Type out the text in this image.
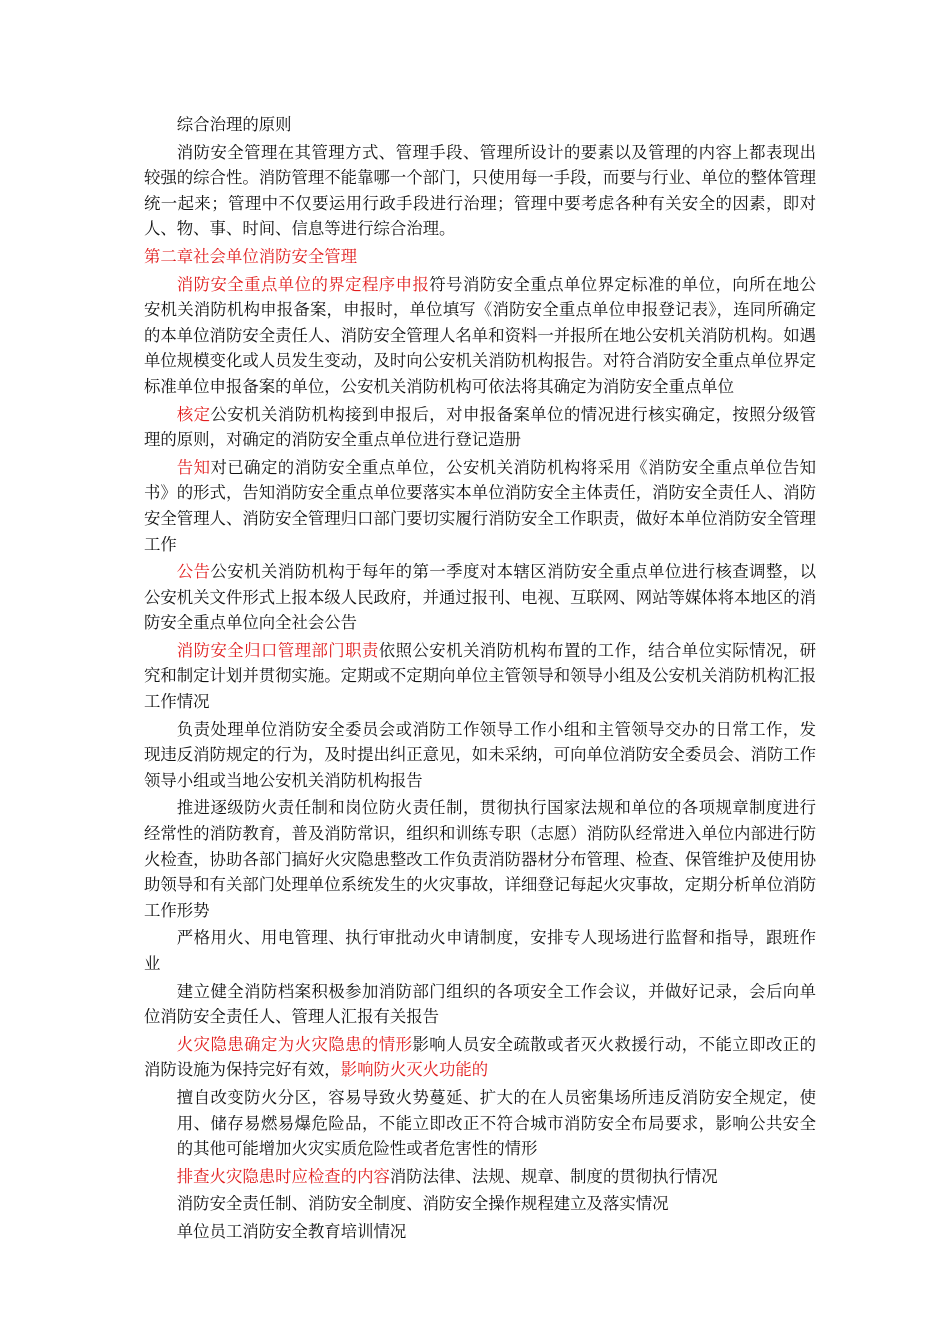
综合治理的原则

消防安全管理在其管理方式、管理手段、管理所设计的要素以及管理的内容上都表现出较强的综合性。消防管理不能靠哪一个部门，只使用每一手段，而要与行业、单位的整体管理统一起来；管理中不仅要运用行政手段进行治理；管理中要考虑各种有关安全的因素，即对人、物、事、时间、信息等进行综合治理。

第二章社会单位消防安全管理

消防安全重点单位的界定程序申报符号消防安全重点单位界定标准的单位，向所在地公安机关消防机构申报备案，申报时，单位填写《消防安全重点单位申报登记表》，连同所确定的本单位消防安全责任人、消防安全管理人名单和资料一并报所在地公安机关消防机构。如遇单位规模变化或人员发生变动，及时向公安机关消防机构报告。对符合消防安全重点单位界定标准单位申报备案的单位，公安机关消防机构可依法将其确定为消防安全重点单位

核定公安机关消防机构接到申报后，对申报备案单位的情况进行核实确定，按照分级管理的原则，对确定的消防安全重点单位进行登记造册

告知对已确定的消防安全重点单位，公安机关消防机构将采用《消防安全重点单位告知书》的形式，告知消防安全重点单位要落实本单位消防安全主体责任，消防安全责任人、消防安全管理人、消防安全管理归口部门要切实履行消防安全工作职责，做好本单位消防安全管理工作

公告公安机关消防机构于每年的第一季度对本辖区消防安全重点单位进行核查调整，以公安机关文件形式上报本级人民政府，并通过报刊、电视、互联网、网站等媒体将本地区的消防安全重点单位向全社会公告

消防安全归口管理部门职责依照公安机关消防机构布置的工作，结合单位实际情况，研究和制定计划并贯彻实施。定期或不定期向单位主管领导和领导小组及公安机关消防机构汇报工作情况

负责处理单位消防安全委员会或消防工作领导工作小组和主管领导交办的日常工作，发现违反消防规定的行为，及时提出纠正意见，如未采纳，可向单位消防安全委员会、消防工作领导小组或当地公安机关消防机构报告

推进逐级防火责任制和岗位防火责任制，贯彻执行国家法规和单位的各项规章制度进行经常性的消防教育，普及消防常识，组织和训练专职（志愿）消防队经常进入单位内部进行防火检查，协助各部门搞好火灾隐患整改工作负责消防器材分布管理、检查、保管维护及使用协助领导和有关部门处理单位系统发生的火灾事故，详细登记每起火灾事故，定期分析单位消防工作形势

严格用火、用电管理、执行审批动火申请制度，安排专人现场进行监督和指导，跟班作业

建立健全消防档案积极参加消防部门组织的各项安全工作会议，并做好记录，会后向单位消防安全责任人、管理人汇报有关报告

火灾隐患确定为火灾隐患的情形影响人员安全疏散或者灭火救援行动，不能立即改正的消防设施为保持完好有效，影响防火灭火功能的

擅自改变防火分区，容易导致火势蔓延、扩大的在人员密集场所违反消防安全规定，使用、储存易燃易爆危险品，不能立即改正不符合城市消防安全布局要求，影响公共安全的其他可能增加火灾实质危险性或者危害性的情形

排查火灾隐患时应检查的内容消防法律、法规、规章、制度的贯彻执行情况

消防安全责任制、消防安全制度、消防安全操作规程建立及落实情况

单位员工消防安全教育培训情况
